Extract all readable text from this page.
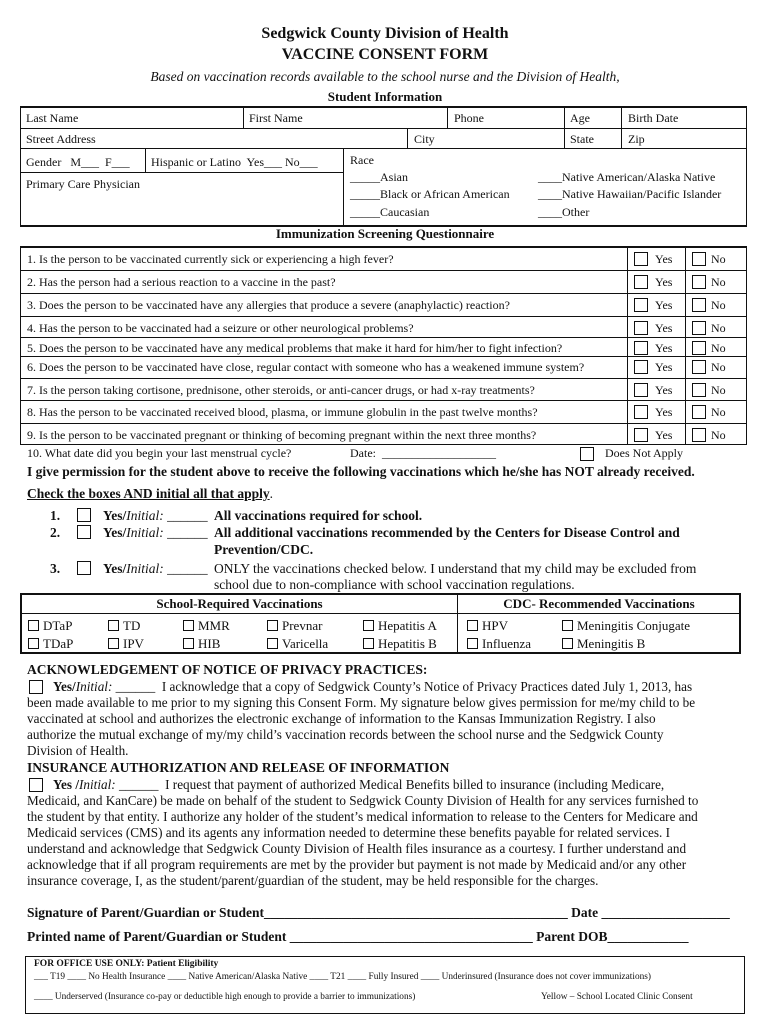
Sedgwick County Division of Health
VACCINE CONSENT FORM
Based on vaccination records available to the school nurse and the Division of Health,
Student Information
Last Name	First Name	Phone	Age	Birth Date
Street Address	City	State	Zip
Gender   M___  F___ Hispanic or Latino  Yes___ No___	Race
Primary Care Physician	_____Asian
_____Black or African American
_____Caucasian
____Native American/Alaska Native
____Native Hawaiian/Pacific Islander
____Other
Immunization Screening Questionnaire
1. Is the person to be vaccinated currently sick or experiencing a high fever?	Yes	No
2. Has the person had a serious reaction to a vaccine in the past?	Yes	No
3. Does the person to be vaccinated have any allergies that produce a severe (anaphylactic) reaction?	Yes	No
4. Has the person to be vaccinated had a seizure or other neurological problems?	Yes	No
5. Does the person to be vaccinated have any medical problems that make it hard for him/her to fight infection?	Yes	No
6. Does the person to be vaccinated have close, regular contact with someone who has a weakened immune system?	Yes	No
7. Is the person taking cortisone, prednisone, other steroids, or anti-cancer drugs, or had x-ray treatments?	Yes	No
8. Has the person to be vaccinated received blood, plasma, or immune globulin in the past twelve months?	Yes	No
9. Is the person to be vaccinated pregnant or thinking of becoming pregnant within the next three months?	Yes	No
10. What date did you begin your last menstrual cycle?	Date:  ___________________	Does Not Apply
I give permission for the student above to receive the following vaccinations which he/she has NOT already received.
Check the boxes AND initial all that apply.
1.	Yes/Initial: ______ All vaccinations required for school.
2.	Yes/Initial: ______ All additional vaccinations recommended by the Centers for Disease Control and
Prevention/CDC.
3.	Yes/Initial: ______ ONLY the vaccinations checked below. I understand that my child may be excluded from
school due to non-compliance with school vaccination regulations.
School-Required Vaccinations	CDC- Recommended Vaccinations
DTaP	TD	MMR	Prevnar	Hepatitis A	HPV	Meningitis Conjugate
TDaP	IPV	HIB	Varicella	Hepatitis B	Influenza	Meningitis B
ACKNOWLEDGEMENT OF NOTICE OF PRIVACY PRACTICES:
Yes/Initial: ______ I acknowledge that a copy of Sedgwick County’s Notice of Privacy Practices dated July 1, 2013, has
been made available to me prior to my signing this Consent Form. My signature below gives permission for me/my child to be
vaccinated at school and authorizes the electronic exchange of information to the Kansas Immunization Registry. I also
authorize the mutual exchange of my/my child’s vaccination records between the school nurse and the Sedgwick County
Division of Health.
INSURANCE AUTHORIZATION AND RELEASE OF INFORMATION
Yes /Initial: ______ I request that payment of authorized Medical Benefits billed to insurance (including Medicare,
Medicaid, and KanCare) be made on behalf of the student to Sedgwick County Division of Health for any services furnished to
the student by that entity. I authorize any holder of the student’s medical information to release to the Centers for Medicare and
Medicaid services (CMS) and its agents any information needed to determine these benefits payable for related services. I
understand and acknowledge that Sedgwick County Division of Health files insurance as a courtesy. I further understand and
acknowledge that if all program requirements are met by the provider but payment is not made by Medicaid and/or any other
insurance coverage, I, as the student/parent/guardian of the student, may be held responsible for the charges.
Signature of Parent/Guardian or Student_____________________________________________ Date ___________________
Printed name of Parent/Guardian or Student ____________________________________ Parent DOB____________
FOR OFFICE USE ONLY: Patient Eligibility
___ T19 ____ No Health Insurance ____ Native American/Alaska Native ____ T21 ____ Fully Insured ____ Underinsured (Insurance does not cover immunizations)
____ Underserved (Insurance co-pay or deductible high enough to provide a barrier to immunizations)	Yellow – School Located Clinic Consent
